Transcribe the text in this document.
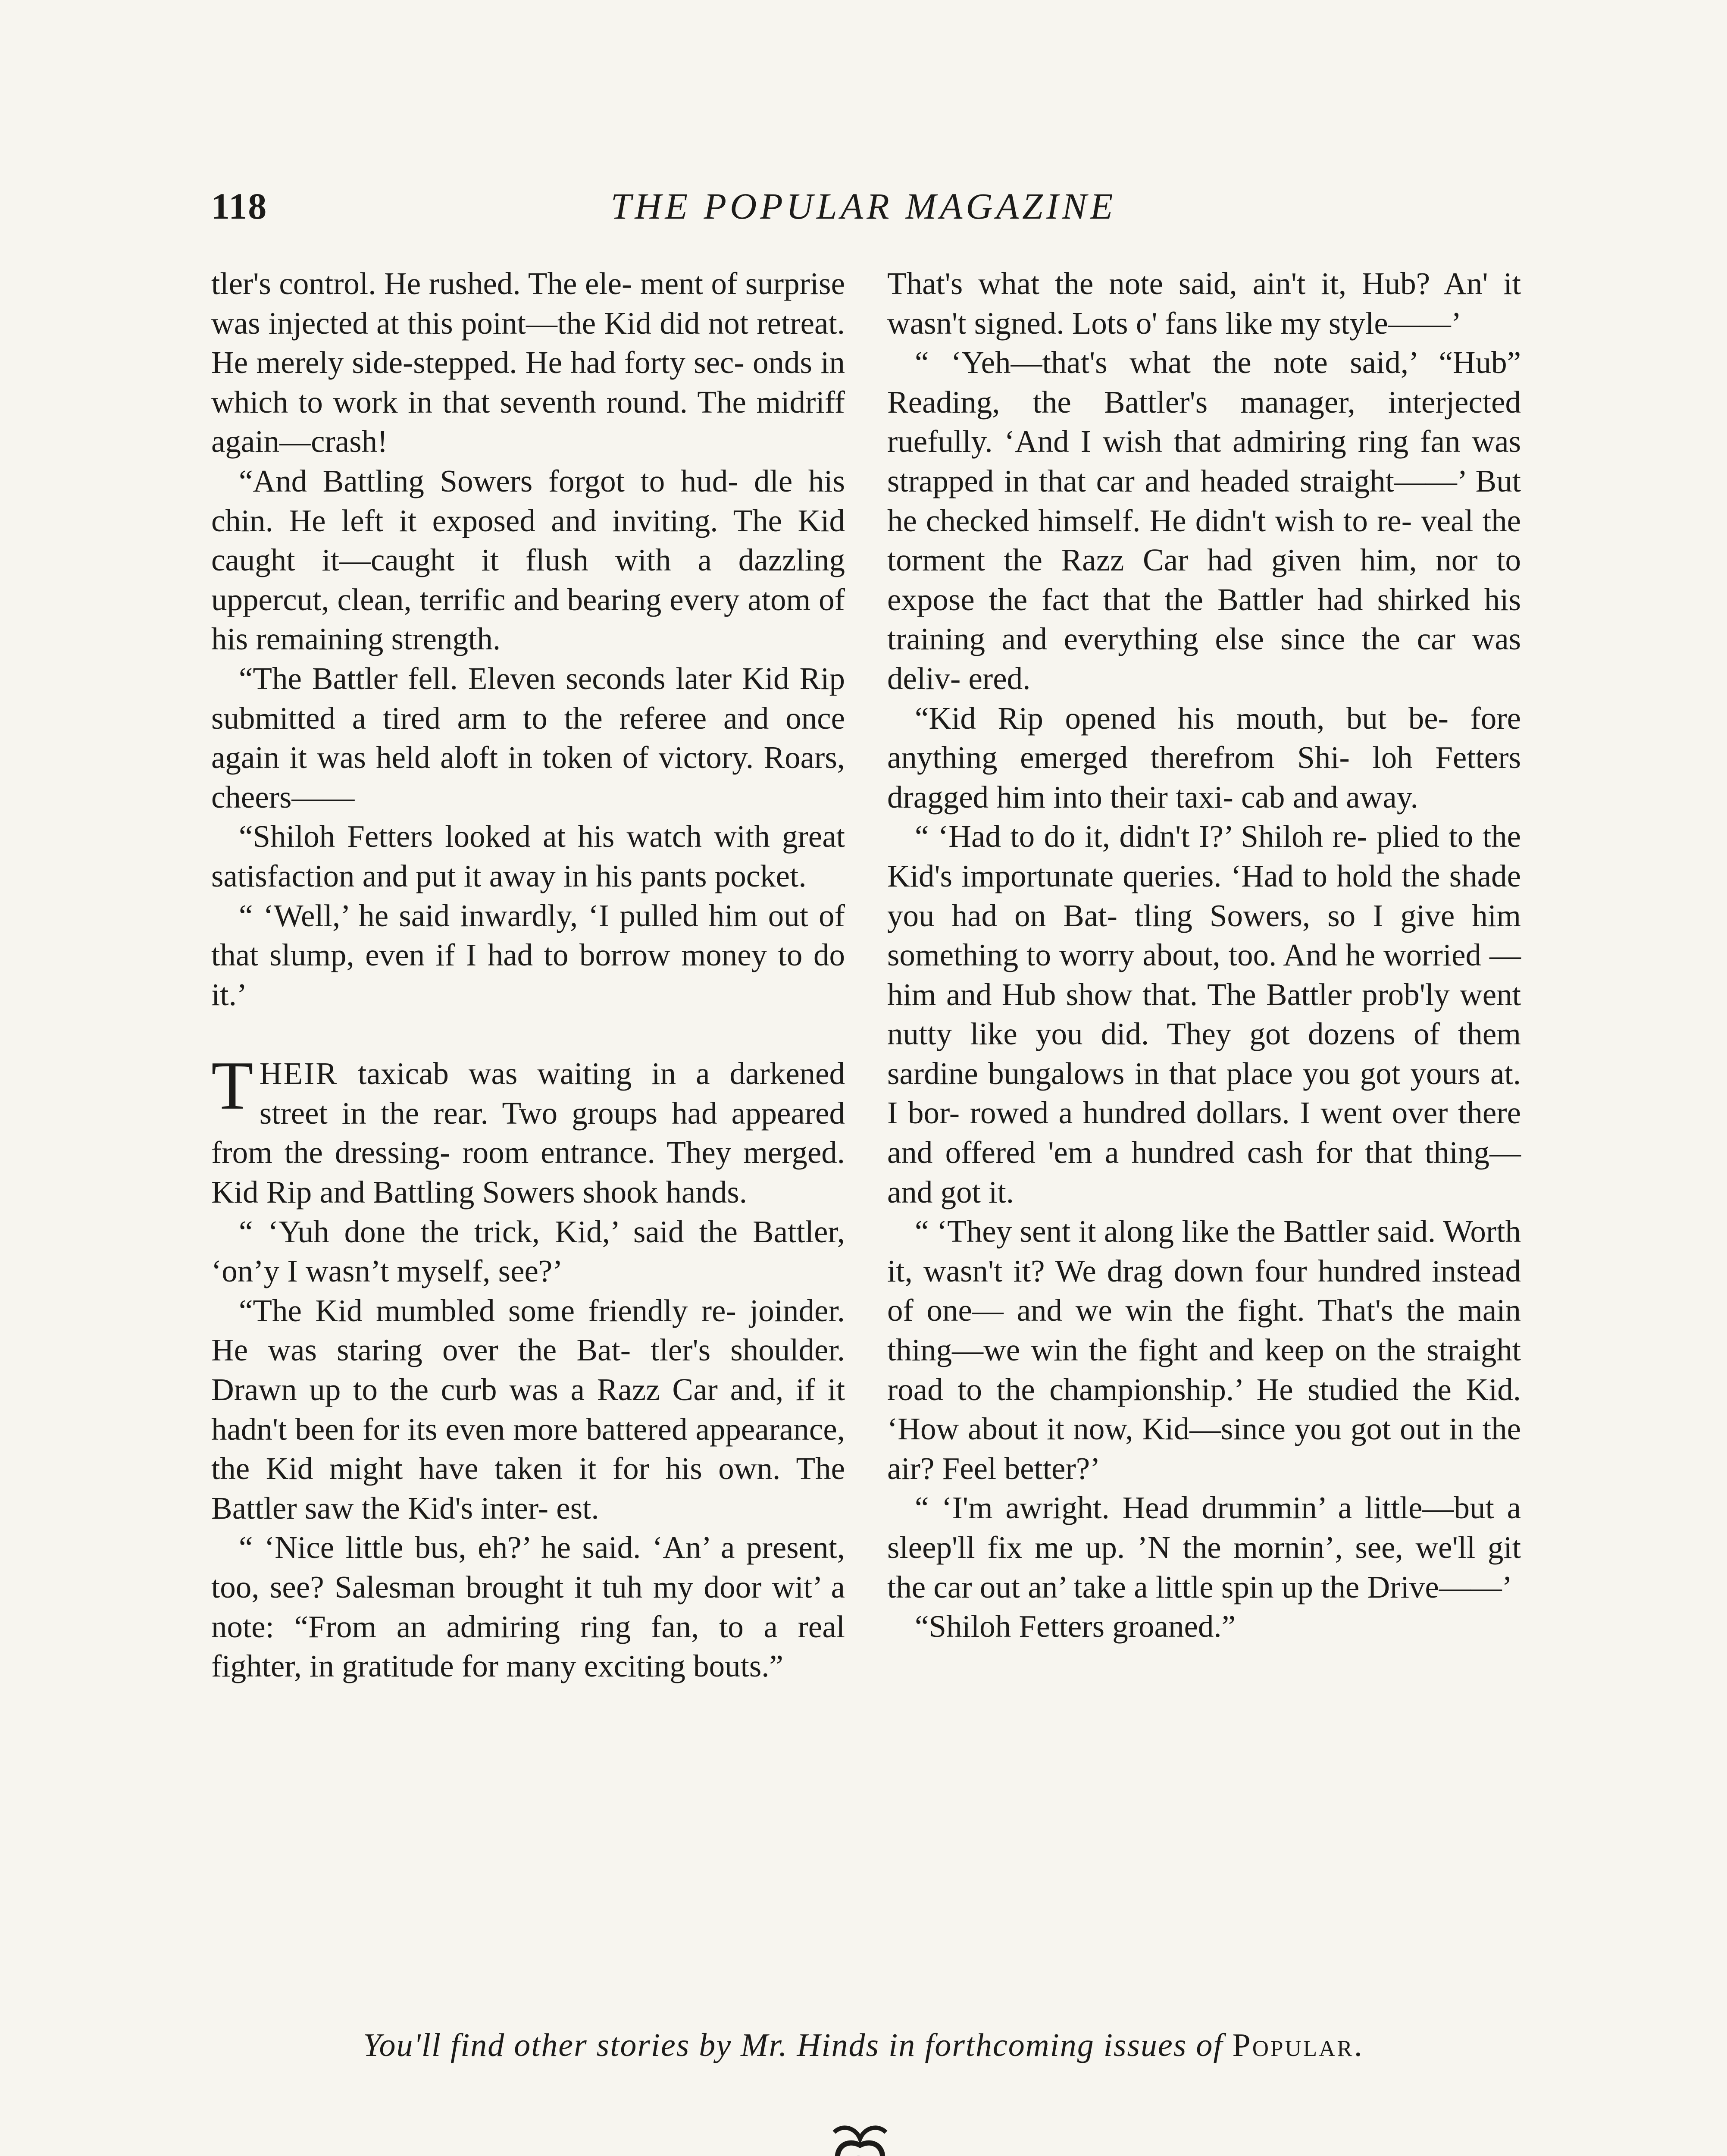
118	THE POPULAR MAGAZINE

tler's control. He rushed. The ele- ment of surprise was injected at this point—the Kid did not retreat. He merely side-stepped. He had forty sec- onds in which to work in that seventh round. The midriff again—crash!

“And Battling Sowers forgot to hud- dle his chin. He left it exposed and inviting. The Kid caught it—caught it flush with a dazzling uppercut, clean, terrific and bearing every atom of his remaining strength.

“The Battler fell. Eleven seconds later Kid Rip submitted a tired arm to the referee and once again it was held aloft in token of victory. Roars, cheers——

“Shiloh Fetters looked at his watch with great satisfaction and put it away in his pants pocket.

“ ‘Well,’ he said inwardly, ‘I pulled him out of that slump, even if I had to borrow money to do it.’

THEIR taxicab was waiting in a darkened street in the rear. Two groups had appeared from the dressing- room entrance. They merged. Kid Rip and Battling Sowers shook hands.

“ ‘Yuh done the trick, Kid,’ said the Battler, ‘on’y I wasn’t myself, see?’

“The Kid mumbled some friendly re- joinder. He was staring over the Bat- tler's shoulder. Drawn up to the curb was a Razz Car and, if it hadn't been for its even more battered appearance, the Kid might have taken it for his own. The Battler saw the Kid's inter- est.

“ ‘Nice little bus, eh?’ he said. ‘An’ a present, too, see? Salesman brought it tuh my door wit’ a note: “From an admiring ring fan, to a real fighter, in gratitude for many exciting bouts.”

That's what the note said, ain't it, Hub? An' it wasn't signed. Lots o' fans like my style——’

“ ‘Yeh—that's what the note said,’ “Hub” Reading, the Battler's manager, interjected ruefully. ‘And I wish that admiring ring fan was strapped in that car and headed straight——’ But he checked himself. He didn't wish to re- veal the torment the Razz Car had given him, nor to expose the fact that the Battler had shirked his training and everything else since the car was deliv- ered.

“Kid Rip opened his mouth, but be- fore anything emerged therefrom Shi- loh Fetters dragged him into their taxi- cab and away.

“ ‘Had to do it, didn't I?’ Shiloh re- plied to the Kid's importunate queries. ‘Had to hold the shade you had on Bat- tling Sowers, so I give him something to worry about, too. And he worried —him and Hub show that. The Battler prob'ly went nutty like you did. They got dozens of them sardine bungalows in that place you got yours at. I bor- rowed a hundred dollars. I went over there and offered 'em a hundred cash for that thing—and got it.

“ ‘They sent it along like the Battler said. Worth it, wasn't it? We drag down four hundred instead of one— and we win the fight. That's the main thing—we win the fight and keep on the straight road to the championship.’ He studied the Kid. ‘How about it now, Kid—since you got out in the air? Feel better?’

“ ‘I'm awright. Head drummin’ a little—but a sleep'll fix me up. ’N the mornin’, see, we'll git the car out an’ take a little spin up the Drive——’

“Shiloh Fetters groaned.”

You'll find other stories by Mr. Hinds in forthcoming issues of Popular.
